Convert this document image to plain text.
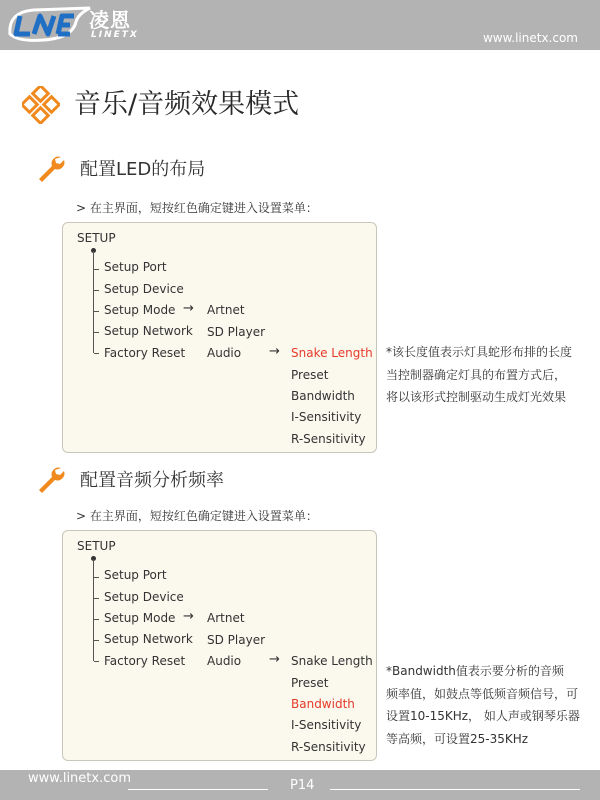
凌恩
LINETX	www.linetx.com
音乐/音频效果模式
配置LED的布局
> 在主界面，短按红色确定键进入设置菜单：
SETUP
Setup Port
Setup Device
Setup Mode
Setup Network
Factory Reset
→ Artnet
SD Player
Audio → Snake Length
Preset
Bandwidth
I-Sensitivity
R-Sensitivity
*该长度值表示灯具蛇形布排的长度
当控制器确定灯具的布置方式后，
将以该形式控制驱动生成灯光效果
配置音频分析频率
> 在主界面，短按红色确定键进入设置菜单：
SETUP
Setup Port
Setup Device
Setup Mode
Setup Network
Factory Reset
→ Artnet
SD Player
Audio → Snake Length
Preset
Bandwidth
I-Sensitivity
R-Sensitivity
*Bandwidth值表示要分析的音频
频率值，如鼓点等低频音频信号，可
设置10-15KHz， 如人声或钢琴乐器
等高频，可设置25-35KHz
www.linetx.com	P14
